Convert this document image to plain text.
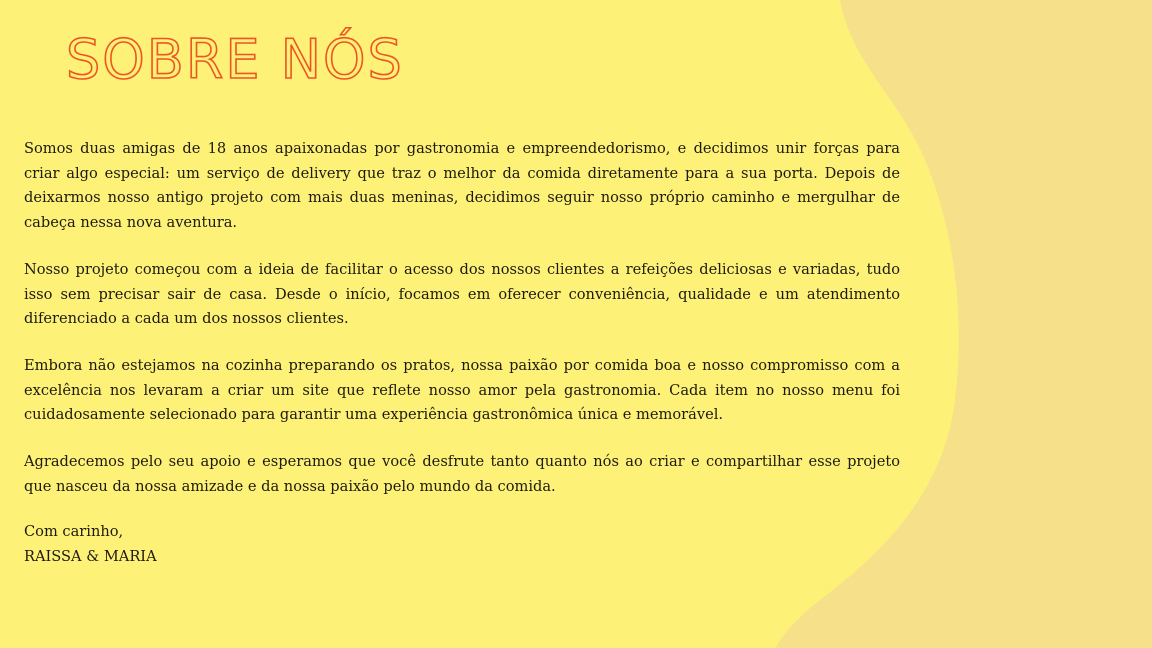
SOBRE NÓS

Somos duas amigas de 18 anos apaixonadas por gastronomia e empreendedorismo, e decidimos unir forças para criar algo especial: um serviço de delivery que traz o melhor da comida diretamente para a sua porta. Depois de deixarmos nosso antigo projeto com mais duas meninas, decidimos seguir nosso próprio caminho e mergulhar de cabeça nessa nova aventura.

Nosso projeto começou com a ideia de facilitar o acesso dos nossos clientes a refeições deliciosas e variadas, tudo isso sem precisar sair de casa. Desde o início, focamos em oferecer conveniência, qualidade e um atendimento diferenciado a cada um dos nossos clientes.

Embora não estejamos na cozinha preparando os pratos, nossa paixão por comida boa e nosso compromisso com a excelência nos levaram a criar um site que reflete nosso amor pela gastronomia. Cada item no nosso menu foi cuidadosamente selecionado para garantir uma experiência gastronômica única e memorável.

Agradecemos pelo seu apoio e esperamos que você desfrute tanto quanto nós ao criar e compartilhar esse projeto que nasceu da nossa amizade e da nossa paixão pelo mundo da comida.

Com carinho,
RAISSA & MARIA
